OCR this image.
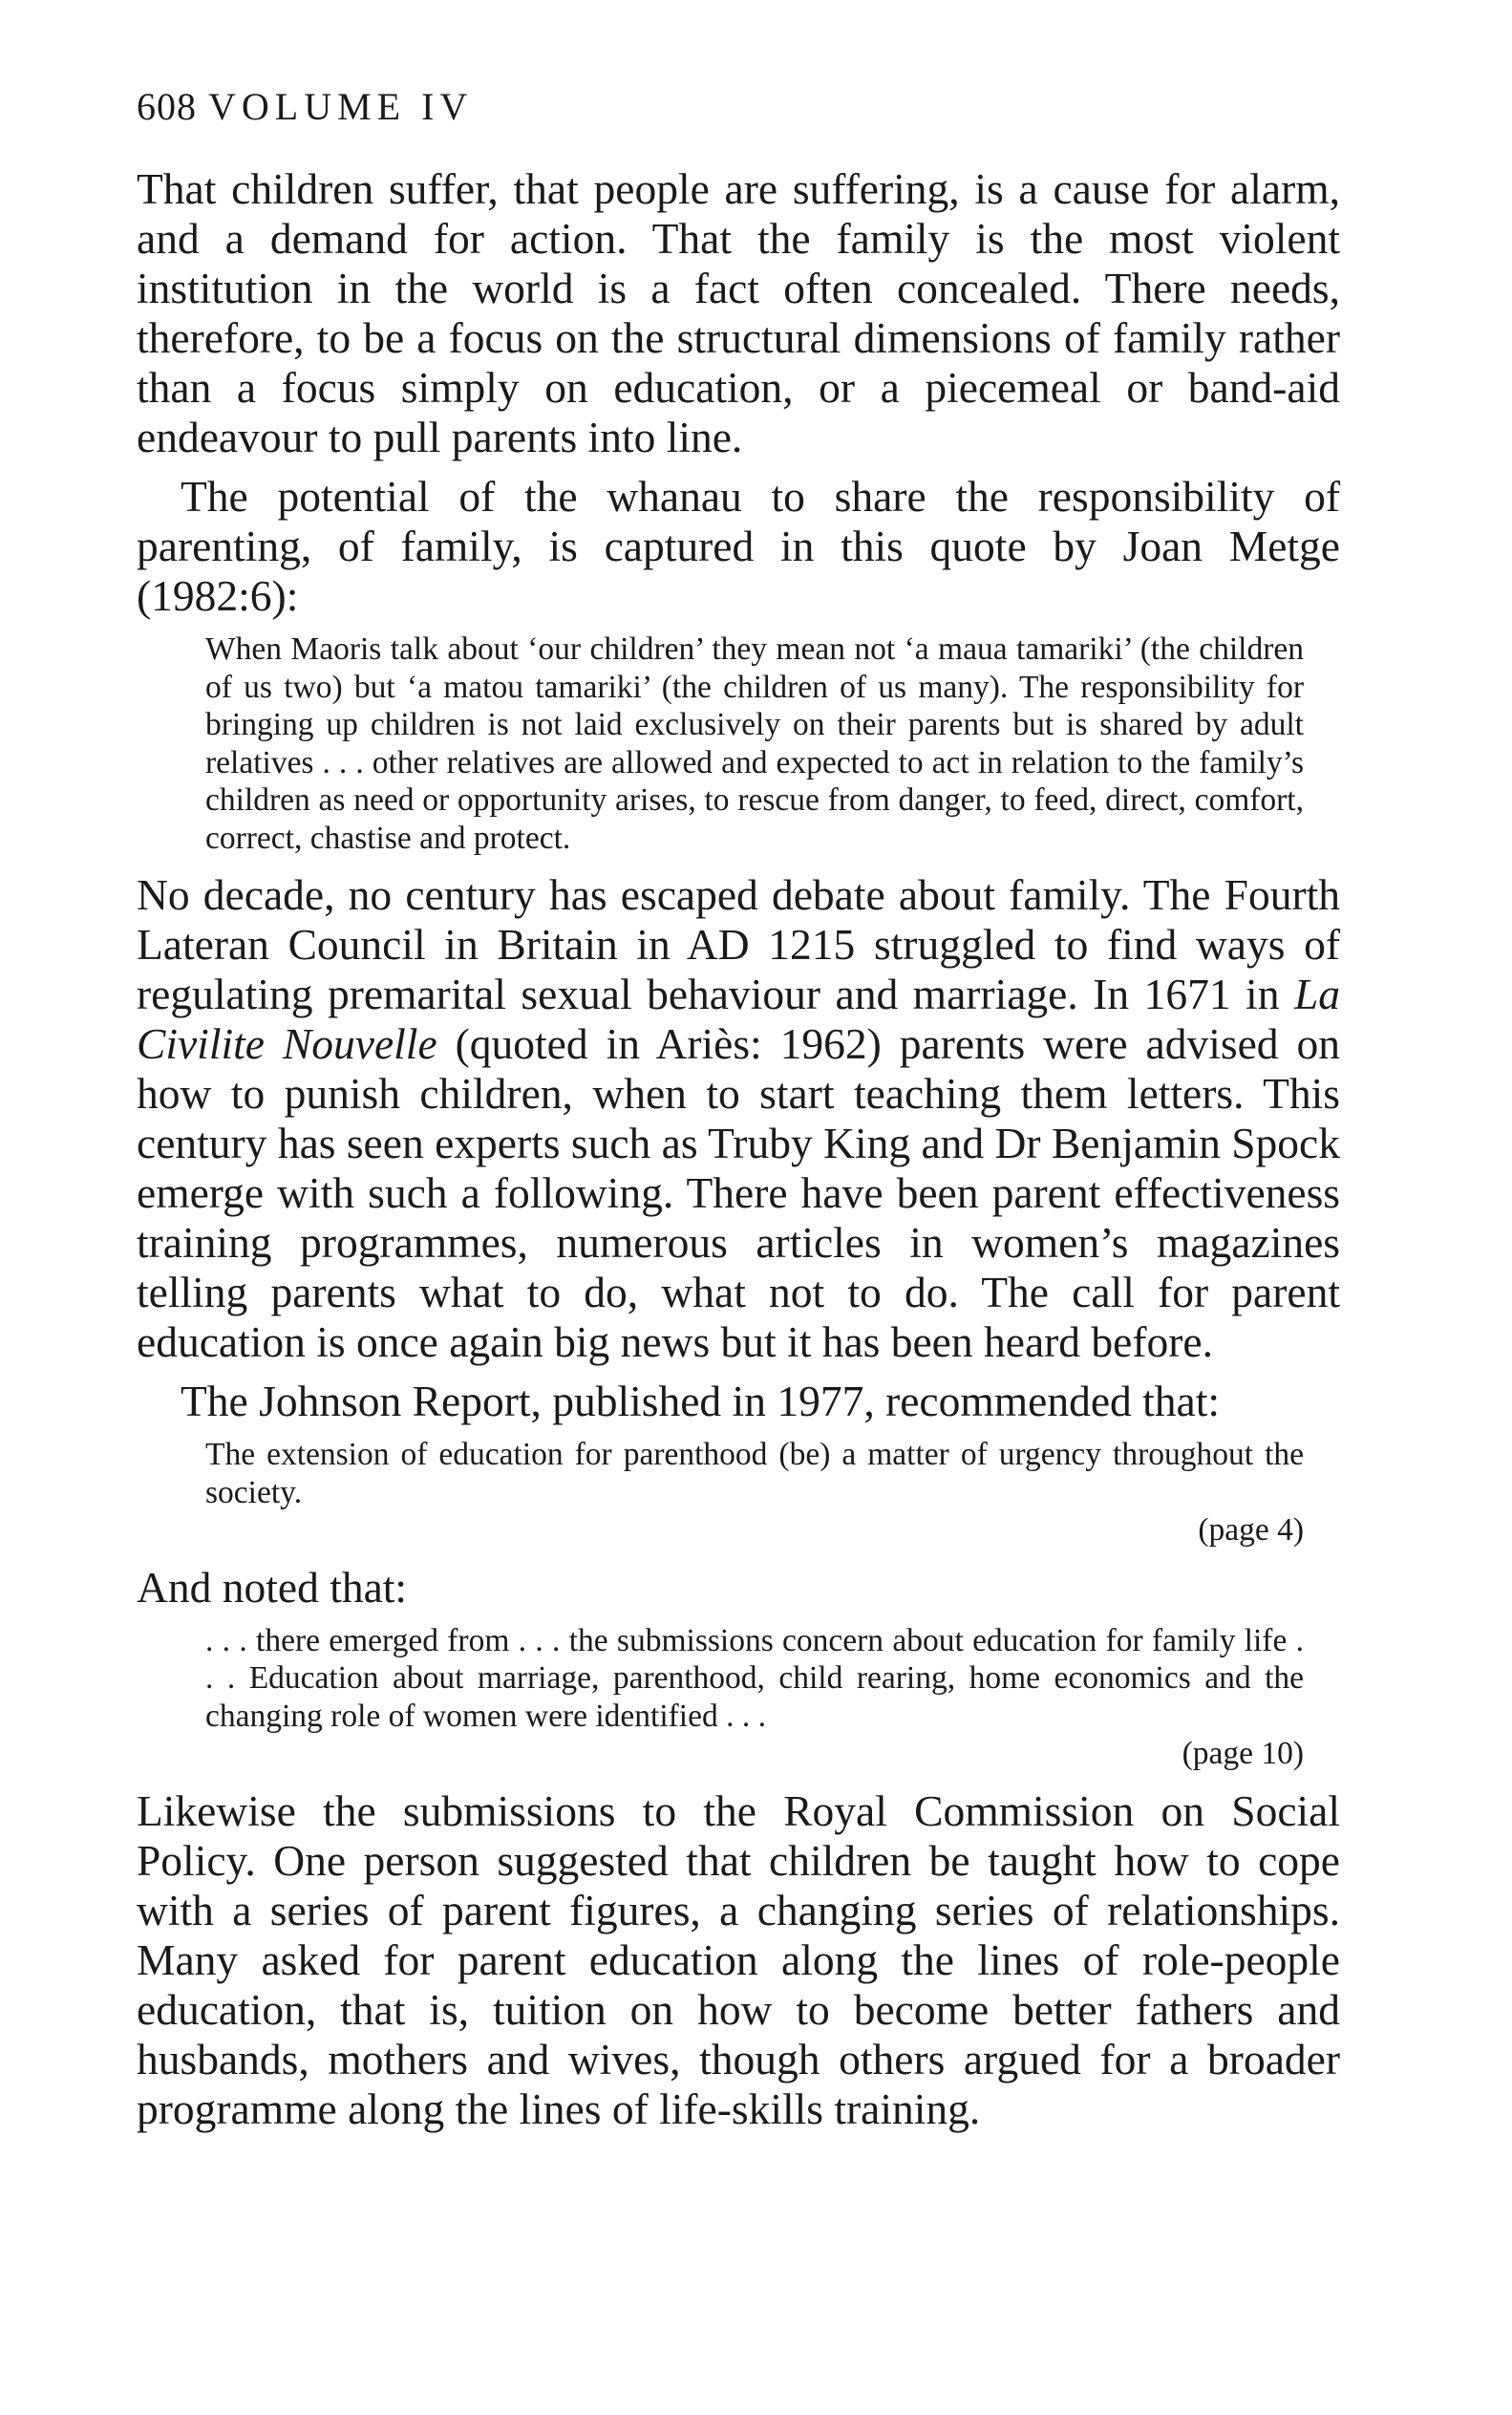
608 VOLUME IV

That children suffer, that people are suffering, is a cause for alarm, and a demand for action. That the family is the most violent institution in the world is a fact often concealed. There needs, therefore, to be a focus on the structural dimensions of family rather than a focus simply on education, or a piecemeal or band-aid endeavour to pull parents into line.

The potential of the whanau to share the responsibility of parenting, of family, is captured in this quote by Joan Metge (1982:6):

When Maoris talk about ‘our children’ they mean not ‘a maua tamariki’ (the children of us two) but ‘a matou tamariki’ (the children of us many). The responsibility for bringing up children is not laid exclusively on their parents but is shared by adult relatives . . . other relatives are allowed and expected to act in relation to the family’s children as need or opportunity arises, to rescue from danger, to feed, direct, comfort, correct, chastise and protect.

No decade, no century has escaped debate about family. The Fourth Lateran Council in Britain in AD 1215 struggled to find ways of regulating premarital sexual behaviour and marriage. In 1671 in La Civilite Nouvelle (quoted in Ariès: 1962) parents were advised on how to punish children, when to start teaching them letters. This century has seen experts such as Truby King and Dr Benjamin Spock emerge with such a following. There have been parent effectiveness training programmes, numerous articles in women’s magazines telling parents what to do, what not to do. The call for parent education is once again big news but it has been heard before.

The Johnson Report, published in 1977, recommended that:

The extension of education for parenthood (be) a matter of urgency throughout the society.
(page 4)

And noted that:

. . . there emerged from . . . the submissions concern about education for family life . . . Education about marriage, parenthood, child rearing, home economics and the changing role of women were identified . . .
(page 10)

Likewise the submissions to the Royal Commission on Social Policy. One person suggested that children be taught how to cope with a series of parent figures, a changing series of relationships. Many asked for parent education along the lines of role-people education, that is, tuition on how to become better fathers and husbands, mothers and wives, though others argued for a broader programme along the lines of life-skills training.
